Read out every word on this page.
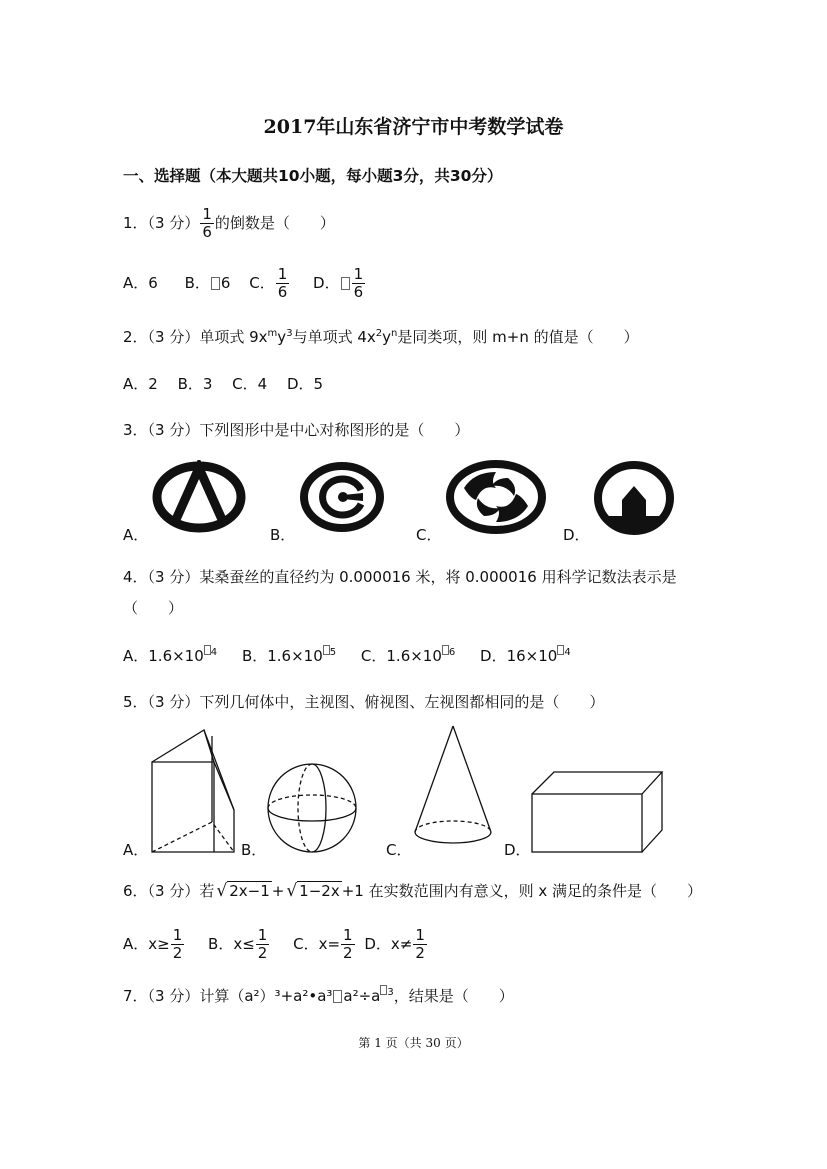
2017年山东省济宁市中考数学试卷
一、选择题（本大题共10小题，每小题3分，共30分）
1．（3 分） $\frac{1}{6}$ 的倒数是（　　）
A．6 B． 6 C． $\frac{1}{6}$ D． $\frac{1}{6}$
2．（3 分）单项式 $9x^my^3$与单项式 $4x^2y^n$是同类项，则 m+n 的值是（　　）
A．2　 B．3　 C．4　 D．5
3．（3 分）下列图形中是中心对称图形的是（　　）
A．	B．	C．	D．
4．（3 分）某桑蚕丝的直径约为 0.000016 米，将 0.000016 用科学记数法表示是
（　　）
A．1.6×10 $^4$ B．1.6×10 $^5$ C．1.6×10 $^6$ D．16×10 $^4$
5．（3 分）下列几何体中，主视图、俯视图、左视图都相同的是（　　）
A．	B．	C．	D．
6．（3 分）若 √ 2x−1 + √ 1−2x +1 在实数范围内有意义，则 x 满足的条件是（　　）
A．$x\ge \frac{1}{2}$ B．$x\le \frac{1}{2}$ C．$x= \frac{1}{2}$ D．$x\ne \frac{1}{2}$
7．（3 分）计算（a²）³+a²•a³ a²÷a $^3$，结果是（　　）
第 1 页（共 30 页）
